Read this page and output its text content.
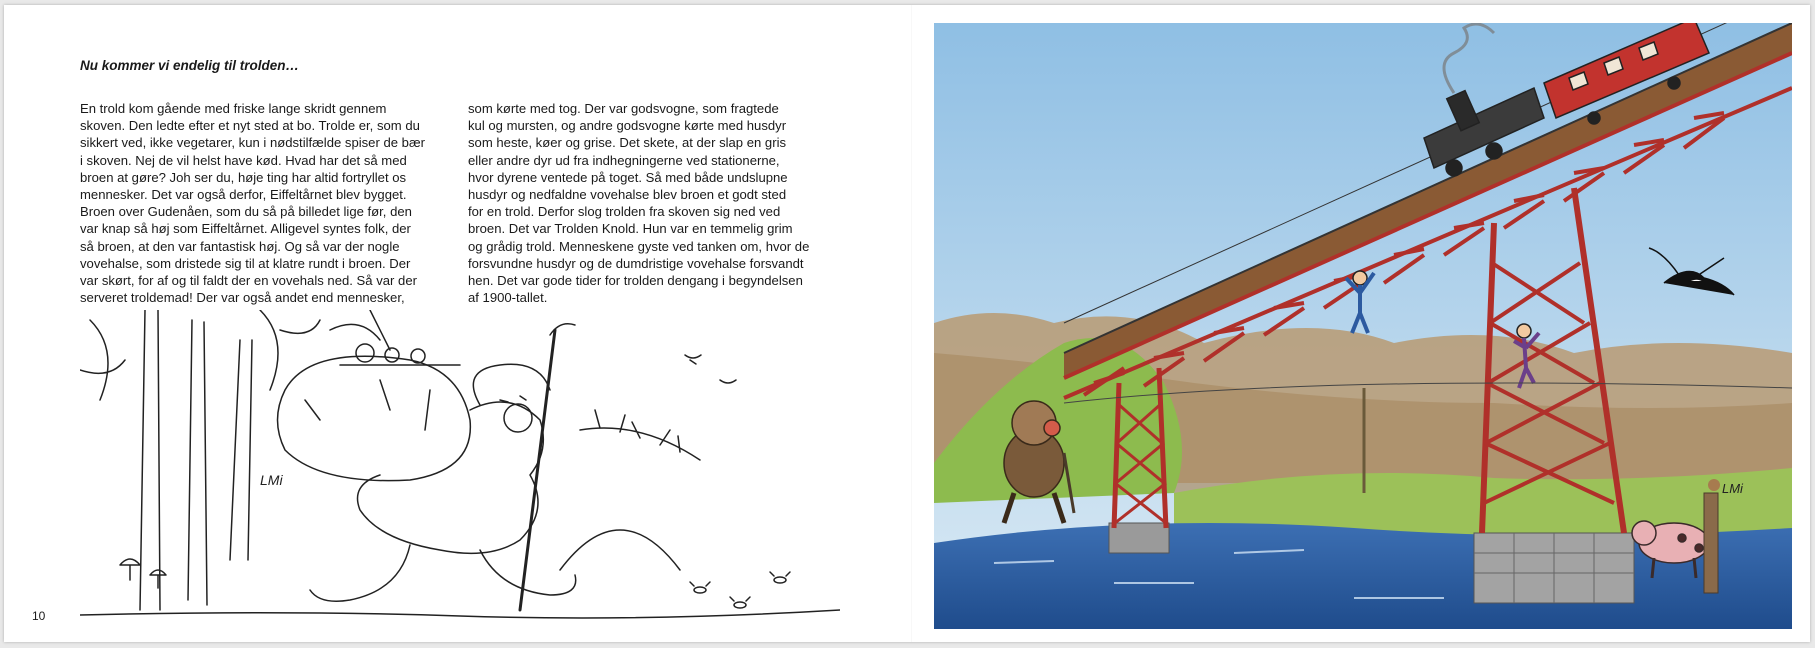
Nu kommer vi endelig til trolden…

En trold kom gående med friske lange skridt gennem
skoven. Den ledte efter et nyt sted at bo. Trolde er, som du
sikkert ved, ikke vegetarer, kun i nødstilfælde spiser de bær
i skoven. Nej de vil helst have kød. Hvad har det så med
broen at gøre? Joh ser du, høje ting har altid fortryllet os
mennesker. Det var også derfor, Eiffeltårnet blev bygget.
Broen over Gudenåen, som du så på billedet lige før, den
var knap så høj som Eiffeltårnet. Alligevel syntes folk, der
så broen, at den var fantastisk høj. Og så var der nogle
vovehalse, som dristede sig til at klatre rundt i broen. Der
var skørt, for af og til faldt der en vovehals ned. Så var der
serveret troldemad! Der var også andet end mennesker,

som kørte med tog. Der var godsvogne, som fragtede
kul og mursten, og andre godsvogne kørte med husdyr
som heste, køer og grise. Det skete, at der slap en gris
eller andre dyr ud fra indhegningerne ved stationerne,
hvor dyrene ventede på toget. Så med både undslupne
husdyr og nedfaldne vovehalse blev broen et godt sted
for en trold. Derfor slog trolden fra skoven sig ned ved
broen. Det var Trolden Knold. Hun var en temmelig grim
og grådig trold. Menneskene gyste ved tanken om, hvor de
forsvundne husdyr og de dumdristige vovehalse forsvandt
hen. Det var gode tider for trolden dengang i begyndelsen
af 1900-tallet.

10
LMi
LMi
